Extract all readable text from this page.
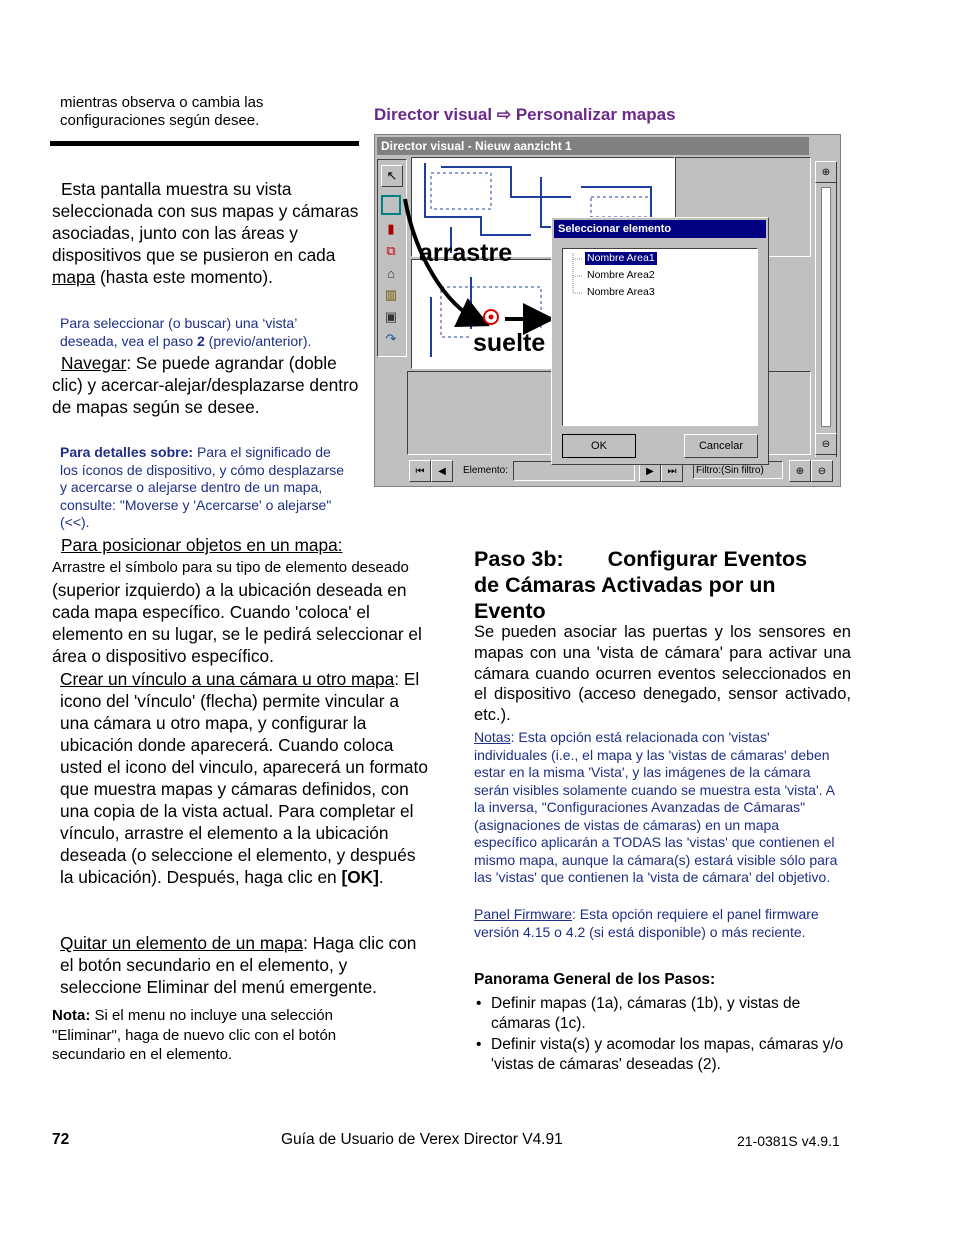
mientras observa o cambia las configuraciones según desee.
Esta pantalla muestra su vista seleccionada con sus mapas y cámaras asociadas, junto con las áreas y dispositivos que se pusieron en cada mapa (hasta este momento).
Para seleccionar (o buscar) una ‘vista’ deseada, vea el paso 2 (previo/anterior).
Navegar: Se puede agrandar (doble clic) y acercar-alejar/desplazarse dentro de mapas según se desee.
Para detalles sobre: Para el significado de los íconos de dispositivo, y cómo desplazarse y acercarse o alejarse dentro de un mapa, consulte: "Moverse y 'Acercarse' o alejarse" (<<).
Para posicionar objetos en un mapa:
Arrastre el símbolo para su tipo de elemento deseado (superior izquierdo) a la ubicación deseada en cada mapa específico. Cuando 'coloca' el elemento en su lugar, se le pedirá seleccionar el área o dispositivo específico.
Crear un vínculo a una cámara u otro mapa: El icono del 'vínculo' (flecha) permite vincular a una cámara u otro mapa, y configurar la ubicación donde aparecerá. Cuando coloca usted el icono del vinculo, aparecerá un formato que muestra mapas y cámaras definidos, con una copia de la vista actual. Para completar el vínculo, arrastre el elemento a la ubicación deseada (o seleccione el elemento, y después la ubicación). Después, haga clic en [OK].
Quitar un elemento de un mapa: Haga clic con el botón secundario en el elemento, y seleccione Eliminar del menú emergente.
Nota: Si el menu no incluye una selección "Eliminar", haga de nuevo clic con el botón secundario en el elemento.
Director visual ⇨ Personalizar mapas
Director visual - Nieuw aanzicht 1
↖
▮
⧉
⌂
▥
▣
↷
arrastre
suelte
⊕
⊖
⏮	◀	Elemento:	▶	⏭	Filtro:(Sin filtro)	⊕	⊖
Seleccionar elemento
Nombre Area1
Nombre Area2
Nombre Area3
OK	Cancelar
Paso 3b: Configurar Eventos
de Cámaras Activadas por un Evento
Se pueden asociar las puertas y los sensores en mapas con una 'vista de cámara' para activar una cámara cuando ocurren eventos seleccionados en el dispositivo (acceso denegado, sensor activado, etc.).
Notas: Esta opción está relacionada con 'vistas' individuales (i.e., el mapa y las 'vistas de cámaras' deben estar en la misma 'Vista', y las imágenes de la cámara serán visibles solamente cuando se muestra esta 'vista'. A la inversa, "Configuraciones Avanzadas de Cámaras" (asignaciones de vistas de cámaras) en un mapa específico aplicarán a TODAS las 'vistas' que contienen el mismo mapa, aunque la cámara(s) estará visible sólo para las 'vistas' que contienen la 'vista de cámara' del objetivo.
Panel Firmware: Esta opción requiere el panel firmware versión 4.15 o 4.2 (si está disponible) o más reciente.
Panorama General de los Pasos:
• Definir mapas (1a), cámaras (1b), y vistas de cámaras (1c).
• Definir vista(s) y acomodar los mapas, cámaras y/o 'vistas de cámaras' deseadas (2).
72	Guía de Usuario de Verex Director V4.91	21-0381S v4.9.1
